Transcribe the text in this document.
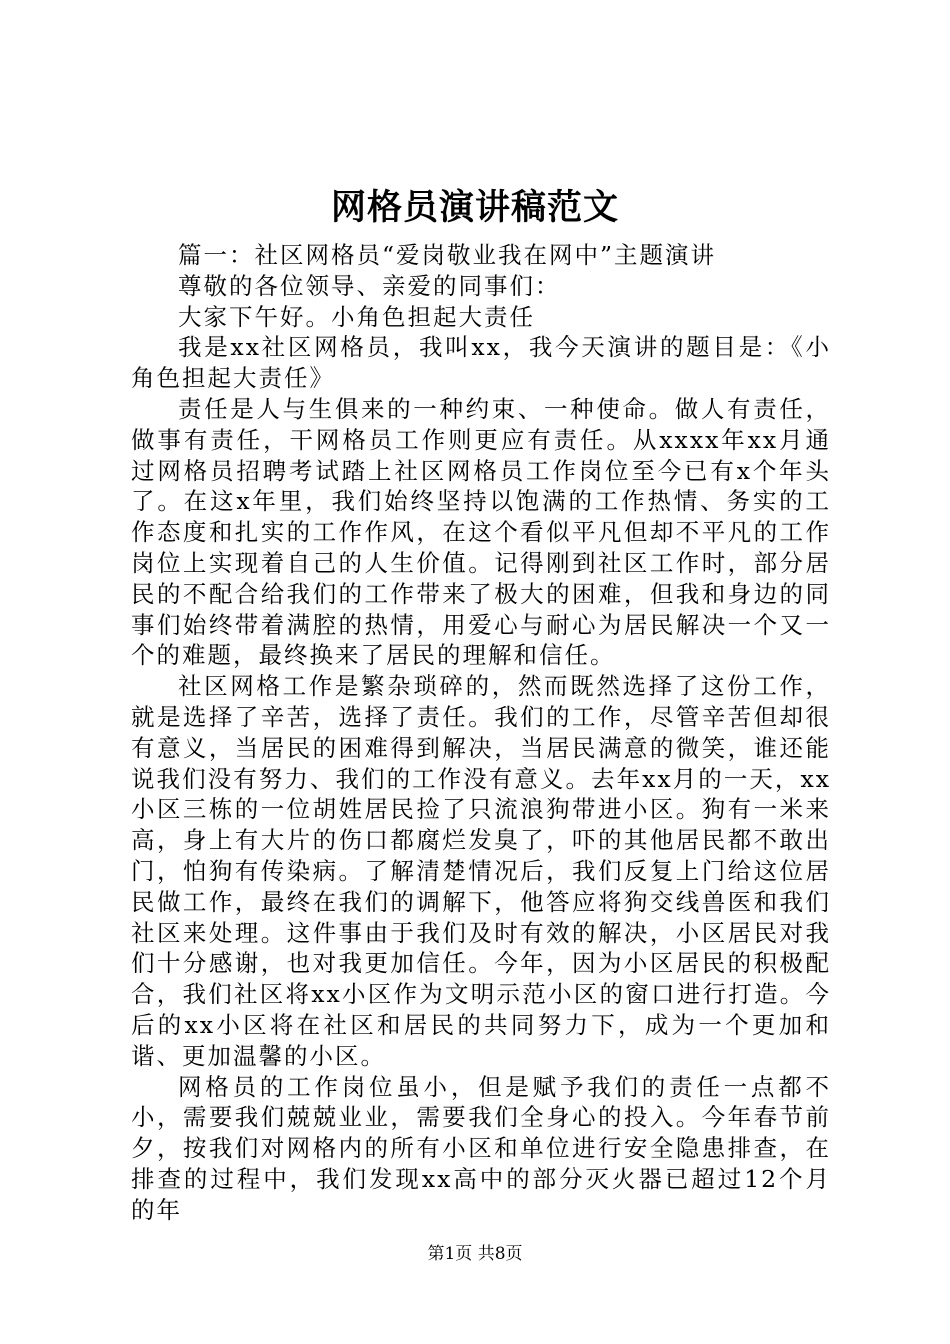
网格员演讲稿范文

篇一：社区网格员“爱岗敬业我在网中”主题演讲

尊敬的各位领导、亲爱的同事们：

大家下午好。小角色担起大责任

我是xx社区网格员，我叫xx，我今天演讲的题目是：《小角色担起大责任》

责任是人与生俱来的一种约束、一种使命。做人有责任，做事有责任，干网格员工作则更应有责任。从xxxx年xx月通过网格员招聘考试踏上社区网格员工作岗位至今已有x个年头了。在这x年里，我们始终坚持以饱满的工作热情、务实的工作态度和扎实的工作作风，在这个看似平凡但却不平凡的工作岗位上实现着自己的人生价值。记得刚到社区工作时，部分居民的不配合给我们的工作带来了极大的困难，但我和身边的同事们始终带着满腔的热情，用爱心与耐心为居民解决一个又一个的难题，最终换来了居民的理解和信任。

社区网格工作是繁杂琐碎的，然而既然选择了这份工作，就是选择了辛苦，选择了责任。我们的工作，尽管辛苦但却很有意义，当居民的困难得到解决，当居民满意的微笑，谁还能说我们没有努力、我们的工作没有意义。去年xx月的一天，xx小区三栋的一位胡姓居民捡了只流浪狗带进小区。狗有一米来高，身上有大片的伤口都腐烂发臭了，吓的其他居民都不敢出门，怕狗有传染病。了解清楚情况后，我们反复上门给这位居民做工作，最终在我们的调解下，他答应将狗交线兽医和我们社区来处理。这件事由于我们及时有效的解决，小区居民对我们十分感谢，也对我更加信任。今年，因为小区居民的积极配合，我们社区将xx小区作为文明示范小区的窗口进行打造。今后的xx小区将在社区和居民的共同努力下，成为一个更加和谐、更加温馨的小区。

网格员的工作岗位虽小，但是赋予我们的责任一点都不小，需要我们兢兢业业，需要我们全身心的投入。今年春节前夕，按我们对网格内的所有小区和单位进行安全隐患排查，在排查的过程中，我们发现xx高中的部分灭火器已超过12个月的年

第1页 共8页
